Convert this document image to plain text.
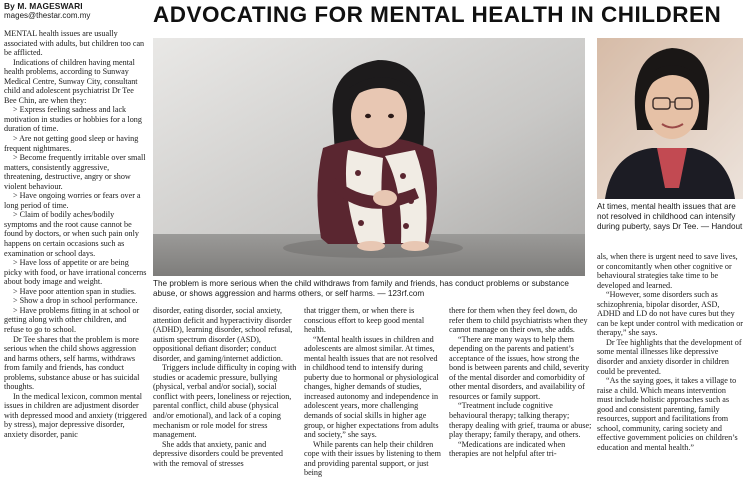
By M. MAGESWARI
mages@thestar.com.my	ADVOCATING FOR MENTAL HEALTH IN CHILDREN

MENTAL health issues are usually associated with adults, but children too can be afflicted.

Indications of children having mental health problems, according to Sunway Medical Centre, Sunway City, consultant child and adolescent psychiatrist Dr Tee Bee Chin, are when they:

> Express feeling sadness and lack motivation in studies or hobbies for a long duration of time.

> Are not getting good sleep or having frequent nightmares.

> Become frequently irritable over small matters, consistently aggressive, threatening, destructive, angry or show violent behaviour.

> Have ongoing worries or fears over a long period of time.

> Claim of bodily aches/bodily symptoms and the root cause cannot be found by doctors, or when such pain only happens on certain occasions such as examination or school days.

> Have loss of appetite or are being picky with food, or have irrational concerns about body image and weight.

> Have poor attention span in studies.

> Show a drop in school performance.

> Have problems fitting in at school or getting along with other children, and refuse to go to school.

Dr Tee shares that the problem is more serious when the child shows aggression and harms others, self harms, withdraws from family and friends, has conduct problems, substance abuse or has suicidal thoughts.

In the medical lexicon, common mental issues in children are adjustment disorder with depressed mood and anxiety (triggered by stress), major depressive disorder, anxiety disorder, panic

The problem is more serious when the child withdraws from family and friends, has conduct problems or substance abuse, or shows aggression and harms others, or self harms. — 123rf.com
At times, mental health issues that are not resolved in childhood can intensify during puberty, says Dr Tee. — Handout

disorder, eating disorder, social anxiety, attention deficit and hyperactivity disorder (ADHD), learning disorder, school refusal, autism spectrum disorder (ASD), oppositional defiant disorder; conduct disorder, and gaming/internet addiction.

Triggers include difficulty in coping with studies or academic pressure, bullying (physical, verbal and/or social), social conflict with peers, loneliness or rejection, parental conflict, child abuse (physical and/or emotional), and lack of a coping mechanism or role model for stress management.

She adds that anxiety, panic and depressive disorders could be prevented with the removal of stresses

that trigger them, or when there is conscious effort to keep good mental health.

“Mental health issues in children and adolescents are almost similar. At times, mental health issues that are not resolved in childhood tend to intensify during puberty due to hormonal or physiological changes, higher demands of studies, increased autonomy and independence in adolescent years, more challenging demands of social skills in higher age group, or higher expectations from adults and society,” she says.

While parents can help their children cope with their issues by listening to them and providing parental support, or just being

there for them when they feel down, do refer them to child psychiatrists when they cannot manage on their own, she adds.

“There are many ways to help them depending on the parents and patient’s acceptance of the issues, how strong the bond is between parents and child, severity of the mental disorder and comorbidity of other mental disorders, and availability of resources or family support.

“Treatment include cognitive behavioural therapy; talking therapy; therapy dealing with grief, trauma or abuse; play therapy; family therapy, and others.

“Medications are indicated when therapies are not helpful after tri-

als, when there is urgent need to save lives, or concomitantly when other cognitive or behavioural strategies take time to be developed and learned.

“However, some disorders such as schizophrenia, bipolar disorder, ASD, ADHD and LD do not have cures but they can be kept under control with medication or therapy,” she says.

Dr Tee highlights that the development of some mental illnesses like depressive disorder and anxiety disorder in children could be prevented.

“As the saying goes, it takes a village to raise a child. Which means intervention must include holistic approaches such as good and consistent parenting, family resources, support and facilitations from school, community, caring society and effective government policies on children’s education and mental health.”
